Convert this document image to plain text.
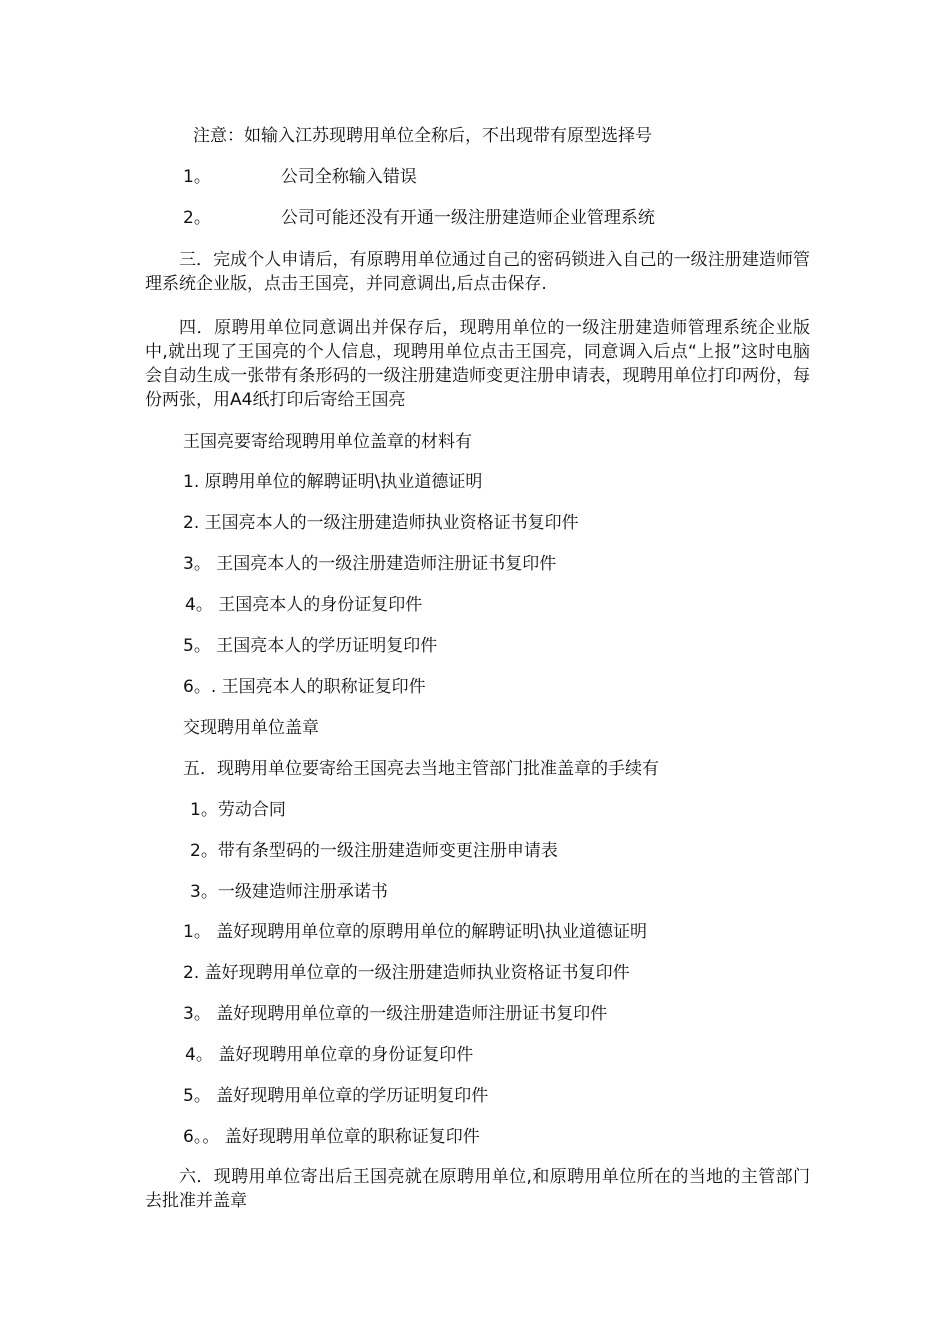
注意：如输入江苏现聘用单位全称后，不出现带有原型选择号
1。	公司全称输入错误
2。	公司可能还没有开通一级注册建造师企业管理系统
三．完成个人申请后，有原聘用单位通过自己的密码锁进入自己的一级注册建造师管理系统企业版，点击王国亮，并同意调出,后点击保存.
四．原聘用单位同意调出并保存后，现聘用单位的一级注册建造师管理系统企业版中,就出现了王国亮的个人信息，现聘用单位点击王国亮，同意调入后点“上报”这时电脑会自动生成一张带有条形码的一级注册建造师变更注册申请表，现聘用单位打印两份，每份两张，用A4纸打印后寄给王国亮
王国亮要寄给现聘用单位盖章的材料有
1. 原聘用单位的解聘证明\执业道德证明
2. 王国亮本人的一级注册建造师执业资格证书复印件
3。 王国亮本人的一级注册建造师注册证书复印件
4。 王国亮本人的身份证复印件
5。 王国亮本人的学历证明复印件
6。. 王国亮本人的职称证复印件
交现聘用单位盖章
五．现聘用单位要寄给王国亮去当地主管部门批准盖章的手续有
1。劳动合同
2。带有条型码的一级注册建造师变更注册申请表
3。一级建造师注册承诺书
1。 盖好现聘用单位章的原聘用单位的解聘证明\执业道德证明
2. 盖好现聘用单位章的一级注册建造师执业资格证书复印件
3。 盖好现聘用单位章的一级注册建造师注册证书复印件
4。 盖好现聘用单位章的身份证复印件
5。 盖好现聘用单位章的学历证明复印件
6。。 盖好现聘用单位章的职称证复印件
六．现聘用单位寄出后王国亮就在原聘用单位,和原聘用单位所在的当地的主管部门去批准并盖章
